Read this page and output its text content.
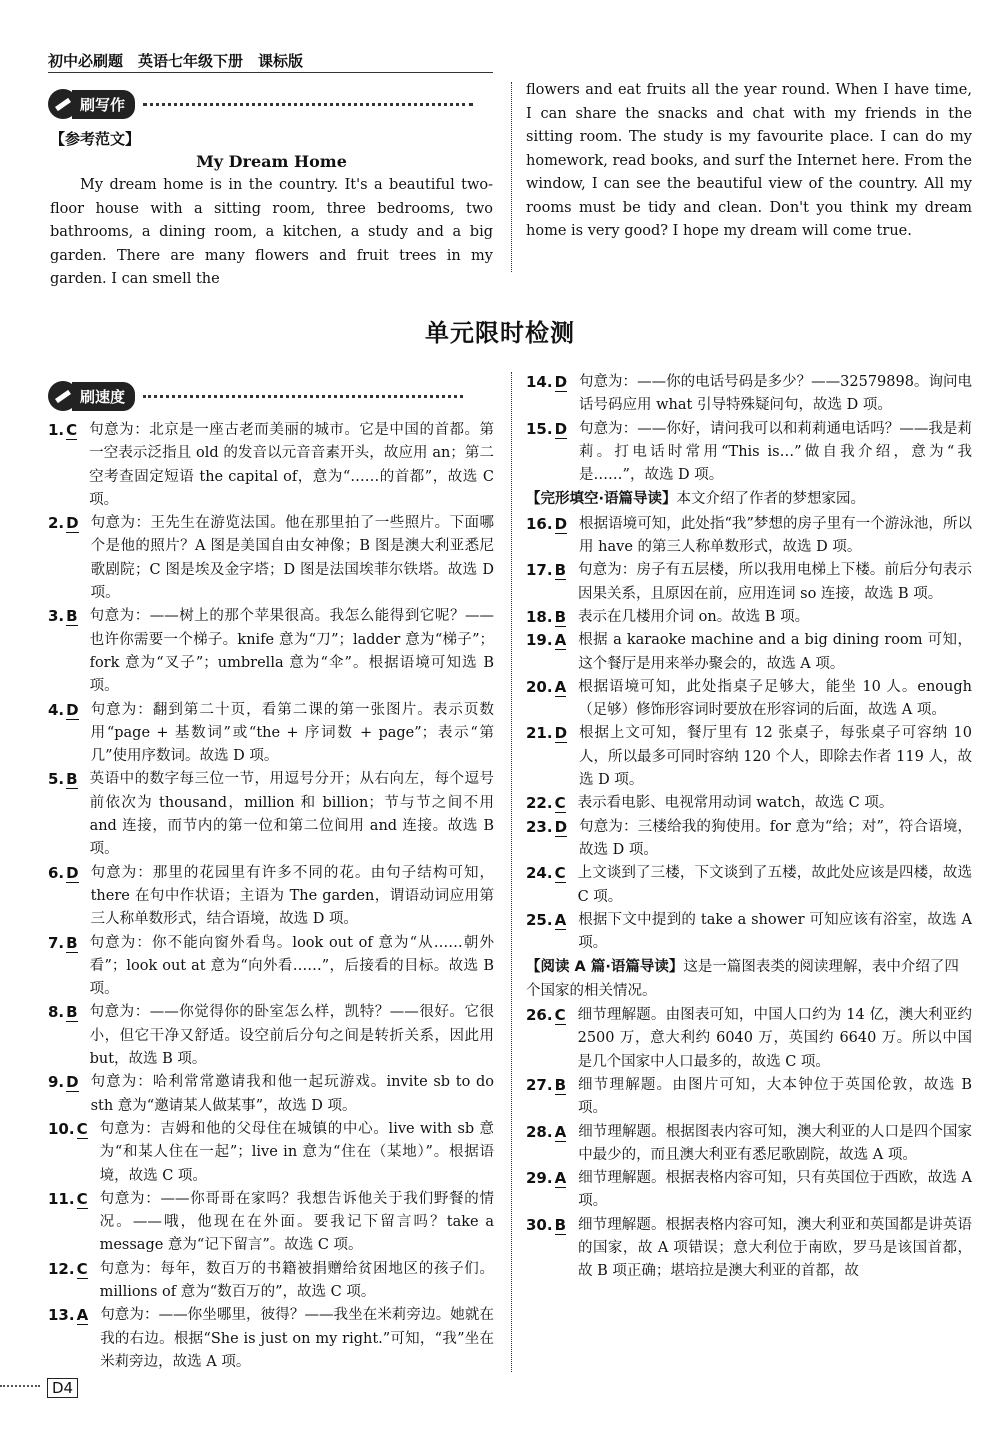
初中必刷题　英语七年级下册　课标版
刷写作
【参考范文】
My Dream Home
My dream home is in the country. It's a beautiful two-floor house with a sitting room, three bedrooms, two bathrooms, a dining room, a kitchen, a study and a big garden. There are many flowers and fruit trees in my garden. I can smell the
flowers and eat fruits all the year round. When I have time, I can share the snacks and chat with my friends in the sitting room. The study is my favourite place. I can do my homework, read books, and surf the Internet here. From the window, I can see the beautiful view of the country. All my rooms must be tidy and clean. Don't you think my dream home is very good? I hope my dream will come true.
单元限时检测
刷速度
1. C 句意为：北京是一座古老而美丽的城市。它是中国的首都。第一空表示泛指且 old 的发音以元音音素开头，故应用 an；第二空考查固定短语 the capital of，意为“……的首都”，故选 C 项。
2. D 句意为：王先生在游览法国。他在那里拍了一些照片。下面哪个是他的照片？A 图是美国自由女神像；B 图是澳大利亚悉尼歌剧院；C 图是埃及金字塔；D 图是法国埃菲尔铁塔。故选 D 项。
3. B 句意为：——树上的那个苹果很高。我怎么能得到它呢？——也许你需要一个梯子。knife 意为“刀”；ladder 意为“梯子”；fork 意为“叉子”；umbrella 意为“伞”。根据语境可知选 B 项。
4. D 句意为：翻到第二十页，看第二课的第一张图片。表示页数用“page + 基数词”或“the + 序词数 + page”；表示“第几”使用序数词。故选 D 项。
5. B 英语中的数字每三位一节，用逗号分开；从右向左，每个逗号前依次为 thousand，million 和 billion；节与节之间不用 and 连接，而节内的第一位和第二位间用 and 连接。故选 B 项。
6. D 句意为：那里的花园里有许多不同的花。由句子结构可知，there 在句中作状语；主语为 The garden，谓语动词应用第三人称单数形式，结合语境，故选 D 项。
7. B 句意为：你不能向窗外看鸟。look out of 意为“从……朝外看”；look out at 意为“向外看……”，后接看的目标。故选 B 项。
8. B 句意为：——你觉得你的卧室怎么样，凯特？——很好。它很小，但它干净又舒适。设空前后分句之间是转折关系，因此用 but，故选 B 项。
9. D 句意为：哈利常常邀请我和他一起玩游戏。invite sb to do sth 意为“邀请某人做某事”，故选 D 项。
10. C 句意为：吉姆和他的父母住在城镇的中心。live with sb 意为“和某人住在一起”；live in 意为“住在（某地）”。根据语境，故选 C 项。
11. C 句意为：——你哥哥在家吗？我想告诉他关于我们野餐的情况。——哦，他现在在外面。要我记下留言吗？take a message 意为“记下留言”。故选 C 项。
12. C 句意为：每年，数百万的书籍被捐赠给贫困地区的孩子们。millions of 意为“数百万的”，故选 C 项。
13. A 句意为：——你坐哪里，彼得？——我坐在米莉旁边。她就在我的右边。根据“She is just on my right.”可知，“我”坐在米莉旁边，故选 A 项。
14. D 句意为：——你的电话号码是多少？——32579898。询问电话号码应用 what 引导特殊疑问句，故选 D 项。
15. D 句意为：——你好，请问我可以和莉莉通电话吗？——我是莉莉。打电话时常用“This is…”做自我介绍，意为“我是……”，故选 D 项。
【完形填空·语篇导读】本文介绍了作者的梦想家园。
16. D 根据语境可知，此处指“我”梦想的房子里有一个游泳池，所以用 have 的第三人称单数形式，故选 D 项。
17. B 句意为：房子有五层楼，所以我用电梯上下楼。前后分句表示因果关系，且原因在前，应用连词 so 连接，故选 B 项。
18. B 表示在几楼用介词 on。故选 B 项。
19. A 根据 a karaoke machine and a big dining room 可知，这个餐厅是用来举办聚会的，故选 A 项。
20. A 根据语境可知，此处指桌子足够大，能坐 10 人。enough（足够）修饰形容词时要放在形容词的后面，故选 A 项。
21. D 根据上文可知，餐厅里有 12 张桌子，每张桌子可容纳 10 人，所以最多可同时容纳 120 个人，即除去作者 119 人，故选 D 项。
22. C 表示看电影、电视常用动词 watch，故选 C 项。
23. D 句意为：三楼给我的狗使用。for 意为“给；对”，符合语境，故选 D 项。
24. C 上文谈到了三楼，下文谈到了五楼，故此处应该是四楼，故选 C 项。
25. A 根据下文中提到的 take a shower 可知应该有浴室，故选 A 项。
【阅读 A 篇·语篇导读】这是一篇图表类的阅读理解，表中介绍了四个国家的相关情况。
26. C 细节理解题。由图表可知，中国人口约为 14 亿，澳大利亚约 2500 万，意大利约 6040 万，英国约 6640 万。所以中国是几个国家中人口最多的，故选 C 项。
27. B 细节理解题。由图片可知，大本钟位于英国伦敦，故选 B 项。
28. A 细节理解题。根据图表内容可知，澳大利亚的人口是四个国家中最少的，而且澳大利亚有悉尼歌剧院，故选 A 项。
29. A 细节理解题。根据表格内容可知，只有英国位于西欧，故选 A 项。
30. B 细节理解题。根据表格内容可知，澳大利亚和英国都是讲英语的国家，故 A 项错误；意大利位于南欧，罗马是该国首都，故 B 项正确；堪培拉是澳大利亚的首都，故
D4
